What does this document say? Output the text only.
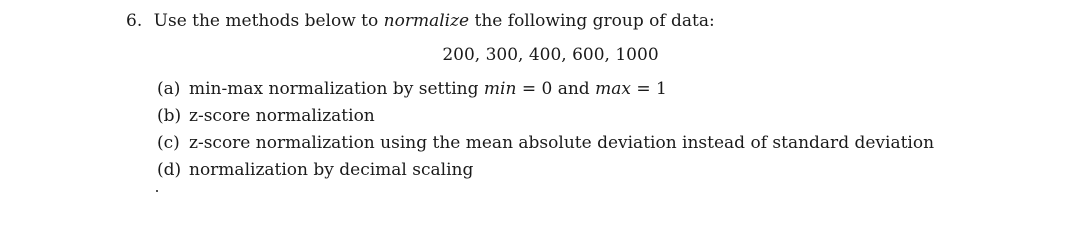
6. Use the methods below to normalize the following group of data:
200, 300, 400, 600, 1000
(a) min-max normalization by setting min = 0 and max = 1
(b) z-score normalization
(c) z-score normalization using the mean absolute deviation instead of standard deviation
(d) normalization by decimal scaling
